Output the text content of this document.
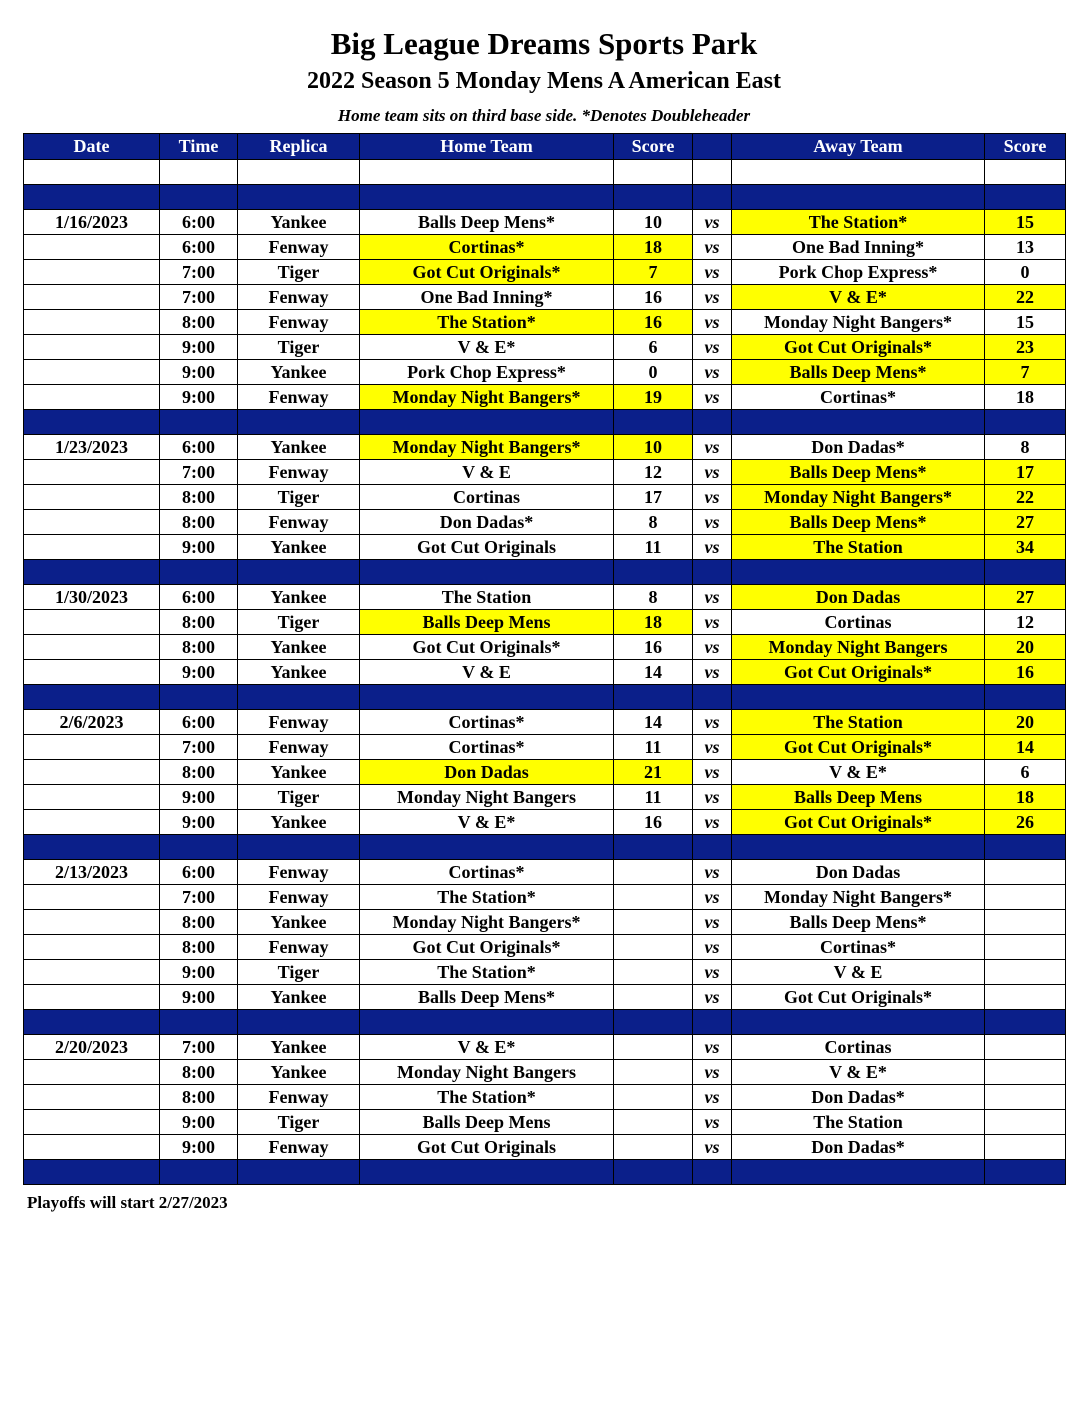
Big League Dreams Sports Park
2022 Season 5 Monday Mens A American East
Home team sits on third base side. *Denotes Doubleheader
Date	Time	Replica	Home Team	Score		Away Team	Score

1/16/2023	6:00	Yankee	Balls Deep Mens*	10	vs	The Station*	15
	6:00	Fenway	Cortinas*	18	vs	One Bad Inning*	13
	7:00	Tiger	Got Cut Originals*	7	vs	Pork Chop Express*	0
	7:00	Fenway	One Bad Inning*	16	vs	V & E*	22
	8:00	Fenway	The Station*	16	vs	Monday Night Bangers*	15
	9:00	Tiger	V & E*	6	vs	Got Cut Originals*	23
	9:00	Yankee	Pork Chop Express*	0	vs	Balls Deep Mens*	7
	9:00	Fenway	Monday Night Bangers*	19	vs	Cortinas*	18

1/23/2023	6:00	Yankee	Monday Night Bangers*	10	vs	Don Dadas*	8
	7:00	Fenway	V & E	12	vs	Balls Deep Mens*	17
	8:00	Tiger	Cortinas	17	vs	Monday Night Bangers*	22
	8:00	Fenway	Don Dadas*	8	vs	Balls Deep Mens*	27
	9:00	Yankee	Got Cut Originals	11	vs	The Station	34

1/30/2023	6:00	Yankee	The Station	8	vs	Don Dadas	27
	8:00	Tiger	Balls Deep Mens	18	vs	Cortinas	12
	8:00	Yankee	Got Cut Originals*	16	vs	Monday Night Bangers	20
	9:00	Yankee	V & E	14	vs	Got Cut Originals*	16

2/6/2023	6:00	Fenway	Cortinas*	14	vs	The Station	20
	7:00	Fenway	Cortinas*	11	vs	Got Cut Originals*	14
	8:00	Yankee	Don Dadas	21	vs	V & E*	6
	9:00	Tiger	Monday Night Bangers	11	vs	Balls Deep Mens	18
	9:00	Yankee	V & E*	16	vs	Got Cut Originals*	26

2/13/2023	6:00	Fenway	Cortinas*		vs	Don Dadas	
	7:00	Fenway	The Station*		vs	Monday Night Bangers*	
	8:00	Yankee	Monday Night Bangers*		vs	Balls Deep Mens*	
	8:00	Fenway	Got Cut Originals*		vs	Cortinas*	
	9:00	Tiger	The Station*		vs	V & E	
	9:00	Yankee	Balls Deep Mens*		vs	Got Cut Originals*	

2/20/2023	7:00	Yankee	V & E*		vs	Cortinas	
	8:00	Yankee	Monday Night Bangers		vs	V & E*	
	8:00	Fenway	The Station*		vs	Don Dadas*	
	9:00	Tiger	Balls Deep Mens		vs	The Station	
	9:00	Fenway	Got Cut Originals		vs	Don Dadas*	

Playoffs will start 2/27/2023
